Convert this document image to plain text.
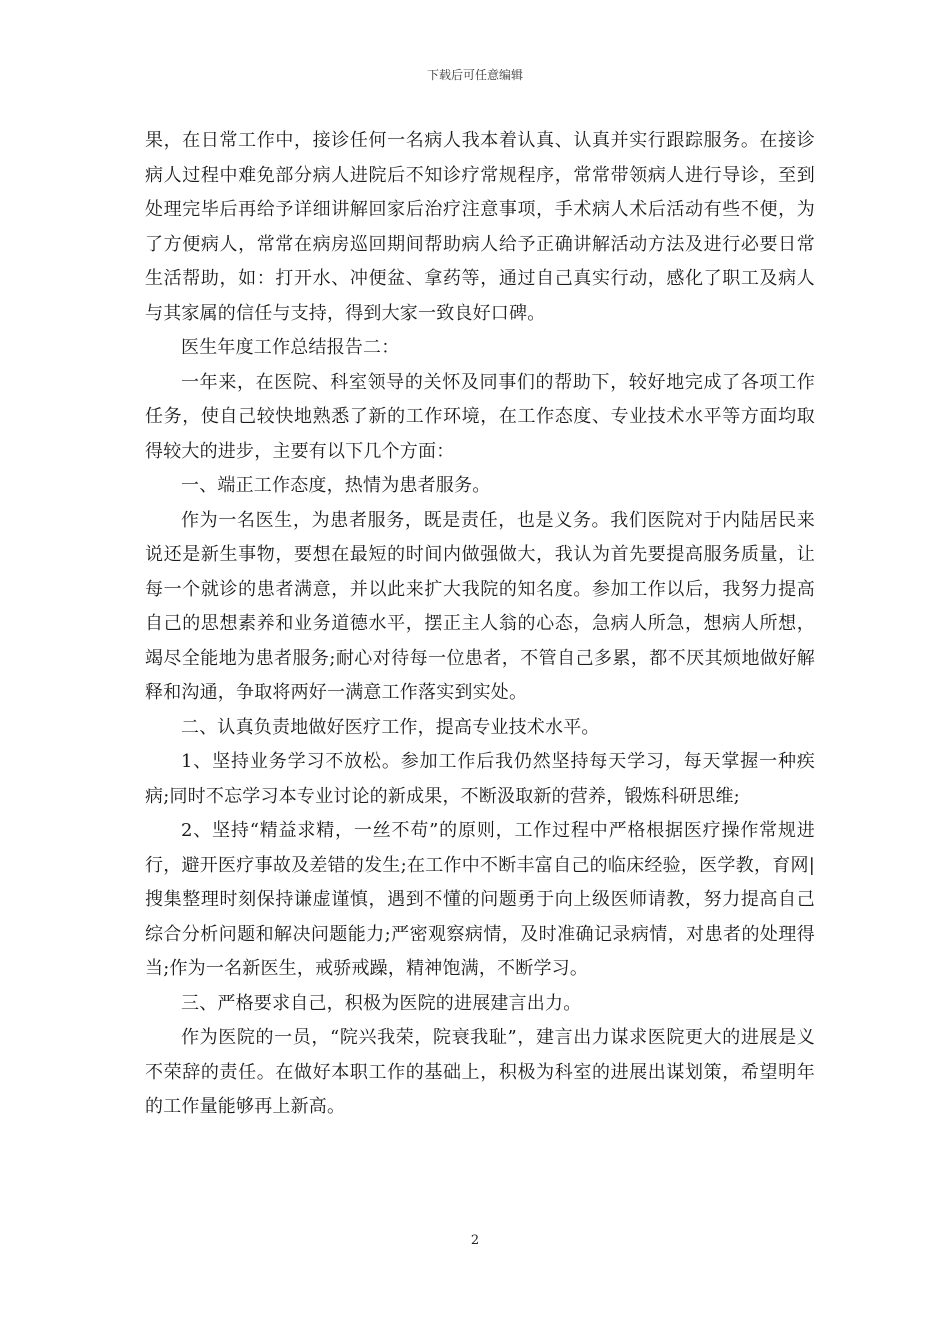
下载后可任意编辑

果，在日常工作中，接诊任何一名病人我本着认真、认真并实行跟踪服务。在接诊病人过程中难免部分病人进院后不知诊疗常规程序，常常带领病人进行导诊，至到处理完毕后再给予详细讲解回家后治疗注意事项，手术病人术后活动有些不便，为了方便病人，常常在病房巡回期间帮助病人给予正确讲解活动方法及进行必要日常生活帮助，如：打开水、冲便盆、拿药等，通过自己真实行动，感化了职工及病人与其家属的信任与支持，得到大家一致良好口碑。

医生年度工作总结报告二：

一年来，在医院、科室领导的关怀及同事们的帮助下，较好地完成了各项工作任务，使自己较快地熟悉了新的工作环境，在工作态度、专业技术水平等方面均取得较大的进步，主要有以下几个方面：

一、端正工作态度，热情为患者服务。

作为一名医生，为患者服务，既是责任，也是义务。我们医院对于内陆居民来说还是新生事物，要想在最短的时间内做强做大，我认为首先要提高服务质量，让每一个就诊的患者满意，并以此来扩大我院的知名度。参加工作以后，我努力提高自己的思想素养和业务道德水平，摆正主人翁的心态，急病人所急，想病人所想，竭尽全能地为患者服务;耐心对待每一位患者，不管自己多累，都不厌其烦地做好解释和沟通，争取将两好一满意工作落实到实处。

二、认真负责地做好医疗工作，提高专业技术水平。

1、坚持业务学习不放松。参加工作后我仍然坚持每天学习，每天掌握一种疾病;同时不忘学习本专业讨论的新成果，不断汲取新的营养，锻炼科研思维;

2、坚持“精益求精，一丝不苟”的原则，工作过程中严格根据医疗操作常规进行，避开医疗事故及差错的发生;在工作中不断丰富自己的临床经验，医学教，育网|搜集整理时刻保持谦虚谨慎，遇到不懂的问题勇于向上级医师请教，努力提高自己综合分析问题和解决问题能力;严密观察病情，及时准确记录病情，对患者的处理得当;作为一名新医生，戒骄戒躁，精神饱满，不断学习。

三、严格要求自己，积极为医院的进展建言出力。

作为医院的一员，“院兴我荣，院衰我耻”，建言出力谋求医院更大的进展是义不荣辞的责任。在做好本职工作的基础上，积极为科室的进展出谋划策，希望明年的工作量能够再上新高。

2
